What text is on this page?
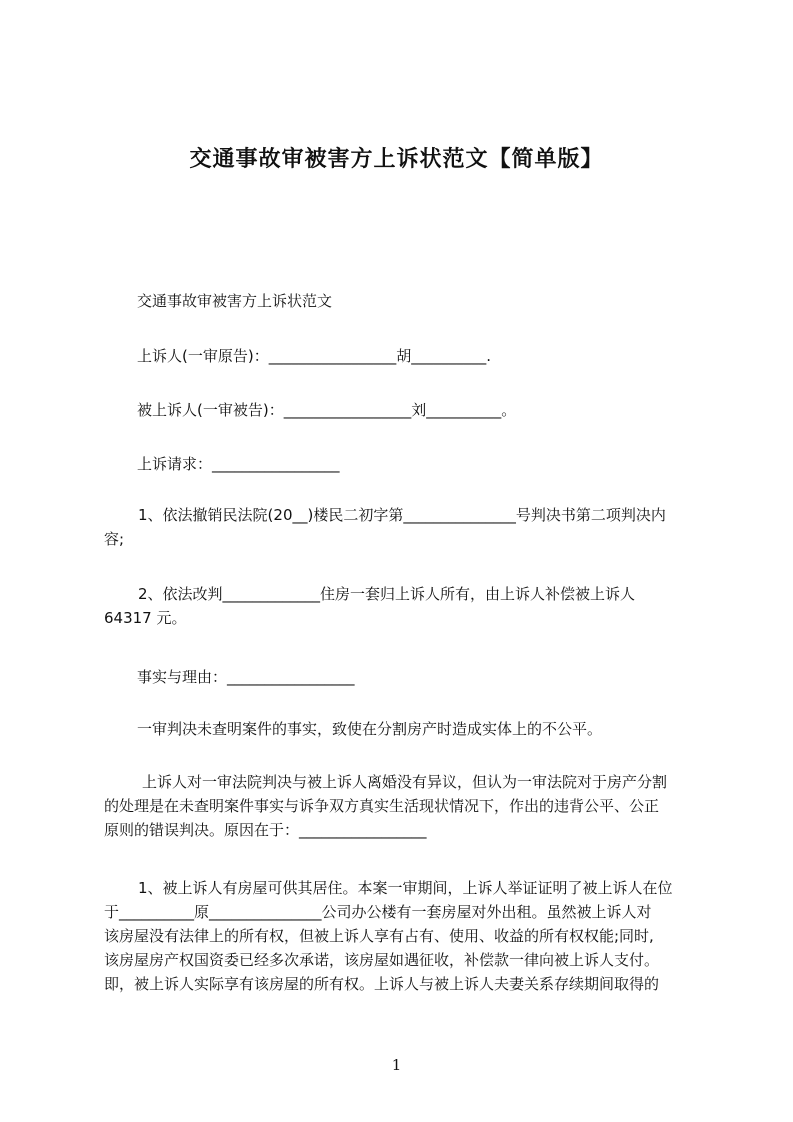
交通事故审被害方上诉状范文【简单版】
交通事故审被害方上诉状范文
上诉人(一审原告)：_________________胡__________.
被上诉人(一审被告)：_________________刘__________。
上诉请求：_________________
1、依法撤销民法院(20__)楼民二初字第_______________号判决书第二项判决内
容;
2、依法改判_____________住房一套归上诉人所有，由上诉人补偿被上诉人
64317 元。
事实与理由：_________________
一审判决未查明案件的事实，致使在分割房产时造成实体上的不公平。
上诉人对一审法院判决与被上诉人离婚没有异议，但认为一审法院对于房产分割
的处理是在未查明案件事实与诉争双方真实生活现状情况下，作出的违背公平、公正
原则的错误判决。原因在于：_________________
1、被上诉人有房屋可供其居住。本案一审期间，上诉人举证证明了被上诉人在位
于__________原_______________公司办公楼有一套房屋对外出租。虽然被上诉人对
该房屋没有法律上的所有权，但被上诉人享有占有、使用、收益的所有权权能;同时,
该房屋房产权国资委已经多次承诺，该房屋如遇征收，补偿款一律向被上诉人支付。
即，被上诉人实际享有该房屋的所有权。上诉人与被上诉人夫妻关系存续期间取得的
1
